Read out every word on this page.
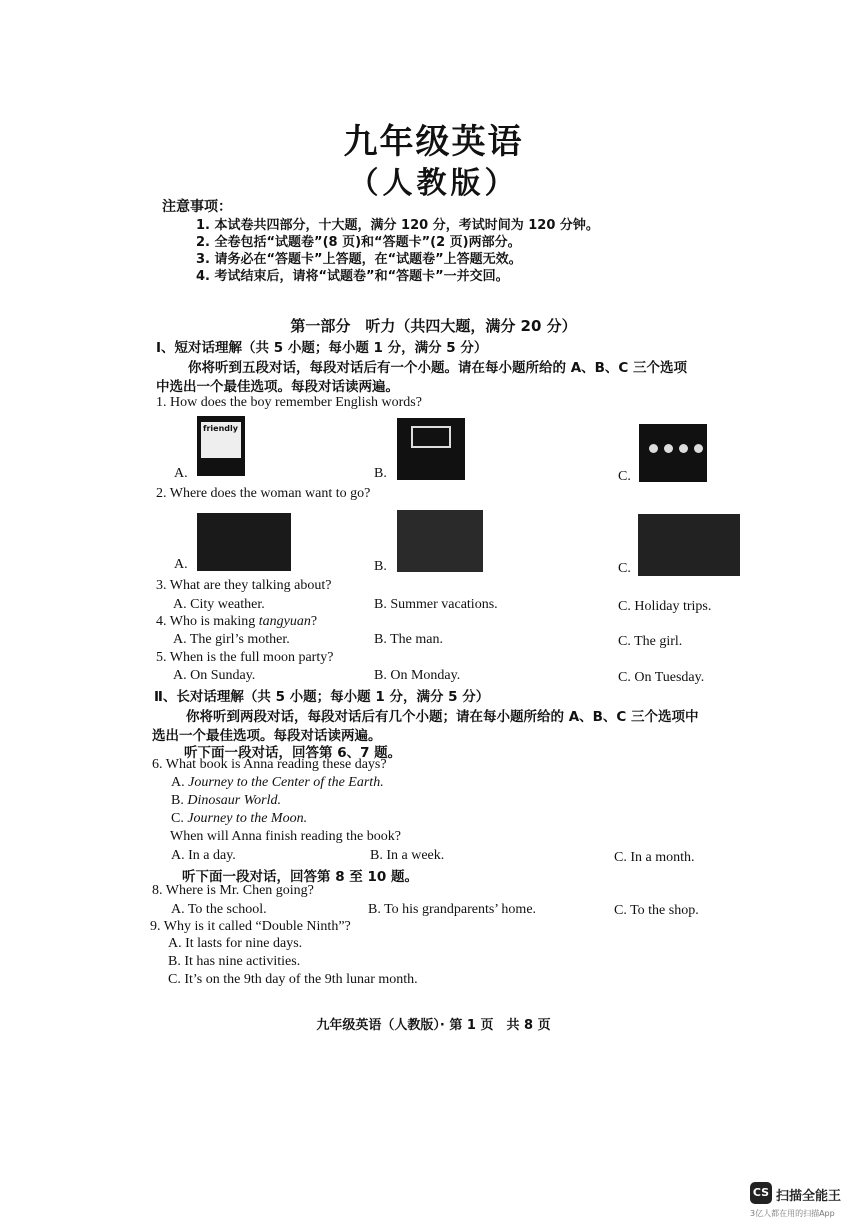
九年级英语
（人教版）
注意事项：
1. 本试卷共四部分，十大题，满分 120 分，考试时间为 120 分钟。
2. 全卷包括“试题卷”(8 页)和“答题卡”(2 页)两部分。
3. 请务必在“答题卡”上答题，在“试题卷”上答题无效。
4. 考试结束后，请将“试题卷”和“答题卡”一并交回。
第一部分　听力（共四大题，满分 20 分）
Ⅰ、短对话理解（共 5 小题；每小题 1 分，满分 5 分）
你将听到五段对话，每段对话后有一个小题。请在每小题所给的 A、B、C 三个选项
中选出一个最佳选项。每段对话读两遍。
1. How does the boy remember English words?
friendly
A.	B.	C.
2. Where does the woman want to go?
A.	B.	C.
3. What are they talking about?
A. City weather.	B. Summer vacations.	C. Holiday trips.
4. Who is making tangyuan?
A. The girl’s mother.	B. The man.	C. The girl.
5. When is the full moon party?
A. On Sunday.	B. On Monday.	C. On Tuesday.
Ⅱ、长对话理解（共 5 小题；每小题 1 分，满分 5 分）
你将听到两段对话，每段对话后有几个小题；请在每小题所给的 A、B、C 三个选项中
选出一个最佳选项。每段对话读两遍。
听下面一段对话，回答第 6、7 题。
6. What book is Anna reading these days?
A. Journey to the Center of the Earth.
B. Dinosaur World.
C. Journey to the Moon.
When will Anna finish reading the book?
A. In a day.	B. In a week.	C. In a month.
听下面一段对话，回答第 8 至 10 题。
8. Where is Mr. Chen going?
A. To the school.	B. To his grandparents’ home.	C. To the shop.
9. Why is it called “Double Ninth”?
A. It lasts for nine days.
B. It has nine activities.
C. It’s on the 9th day of the 9th lunar month.
九年级英语（人教版）· 第 1 页　共 8 页
CS 扫描全能王
3亿人都在用的扫描App
